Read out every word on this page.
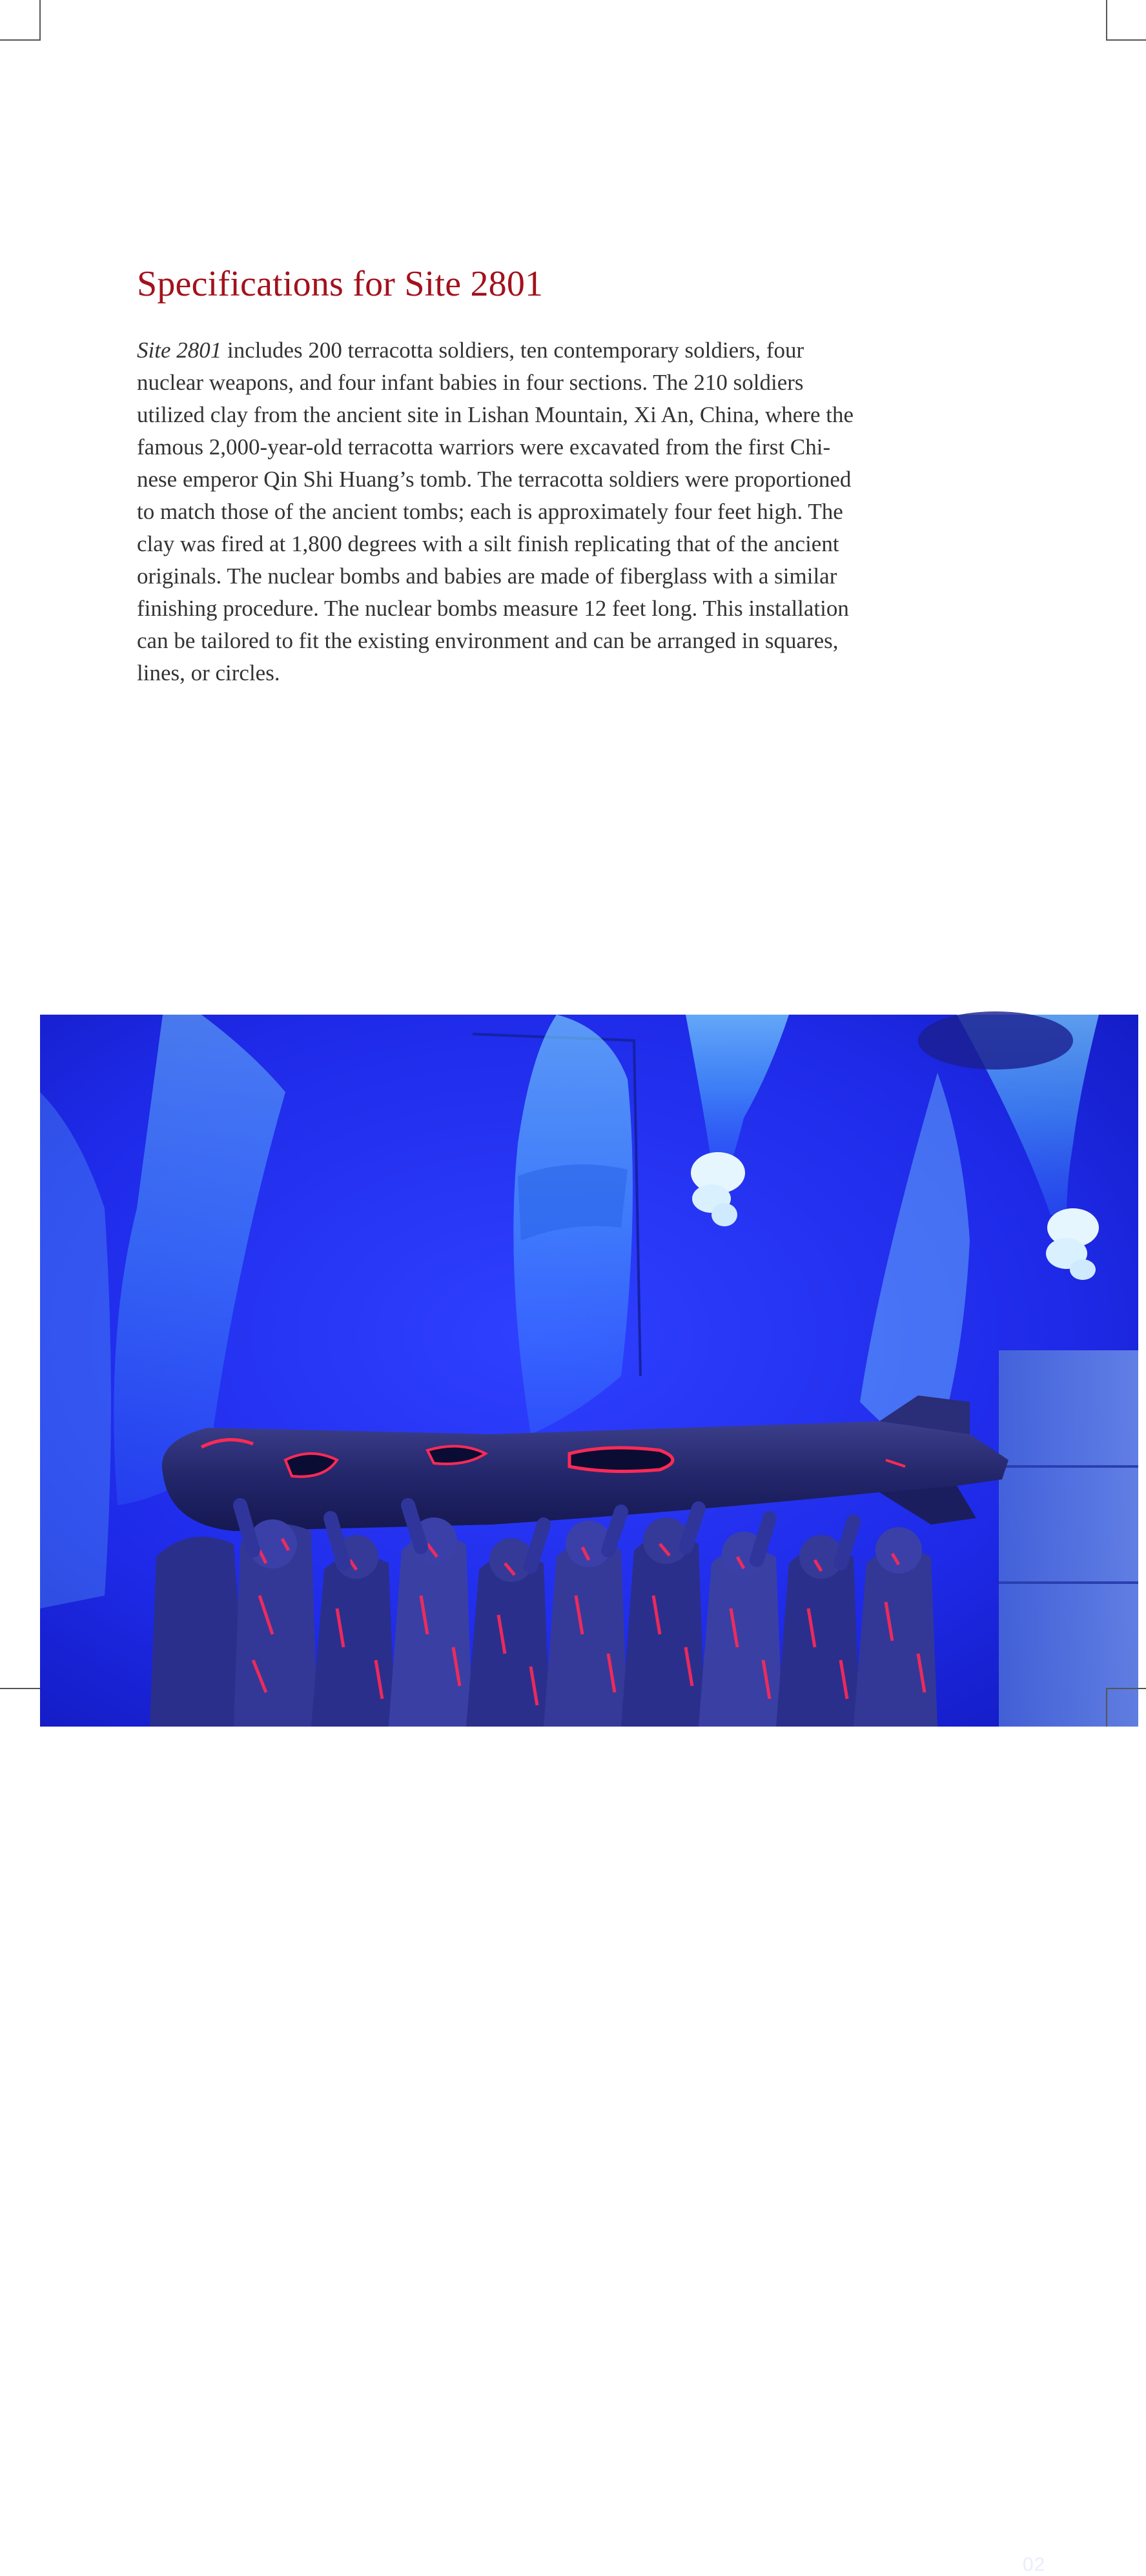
Specifications for Site 2801

Site 2801 includes 200 terracotta soldiers, ten contemporary soldiers, four
nuclear weapons, and four infant babies in four sections. The 210 soldiers
utilized clay from the ancient site in Lishan Mountain, Xi An, China, where the
famous 2,000-year-old terracotta warriors were excavated from the first Chi-
nese emperor Qin Shi Huang’s tomb. The terracotta soldiers were proportioned
to match those of the ancient tombs; each is approximately four feet high. The
clay was fired at 1,800 degrees with a silt finish replicating that of the ancient
originals. The nuclear bombs and babies are made of fiberglass with a similar
finishing procedure. The nuclear bombs measure 12 feet long. This installation
can be tailored to fit the existing environment and can be arranged in squares,
lines, or circles.

02
